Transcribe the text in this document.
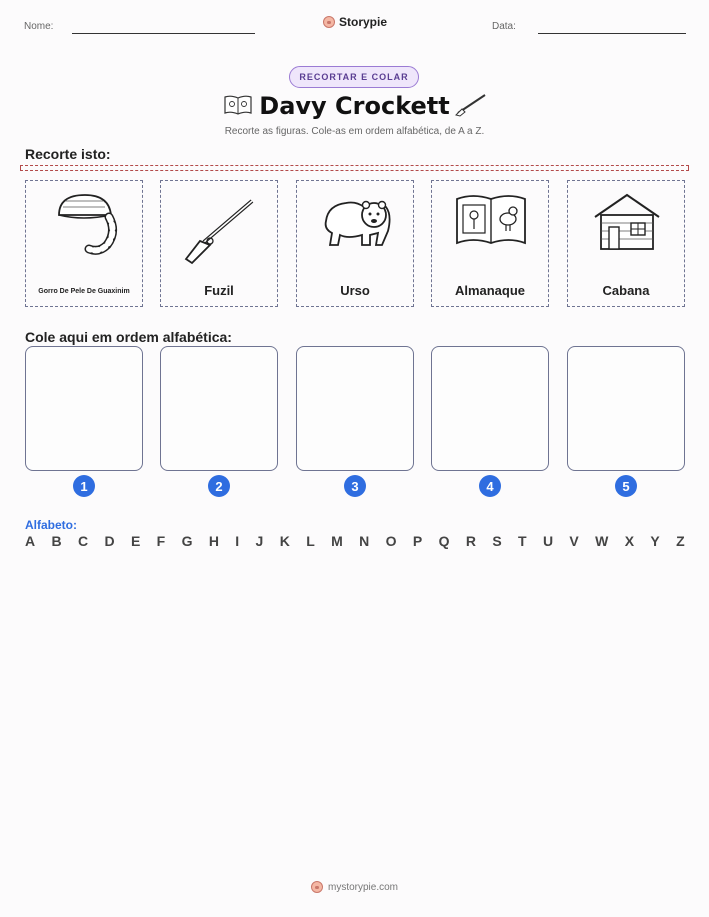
Nome:	Storypie	Data:
RECORTAR E COLAR
Davy Crockett
Recorte as figuras. Cole-as em ordem alfabética, de A a Z.
Recorte isto:
Gorro De Pele De Guaxinim	Fuzil	Urso	Almanaque	Cabana
Cole aqui em ordem alfabética:
1	2	3	4	5
Alfabeto:
A B C D E F G H I J K L M N O P Q R S T U V W X Y Z
mystorypie.com
